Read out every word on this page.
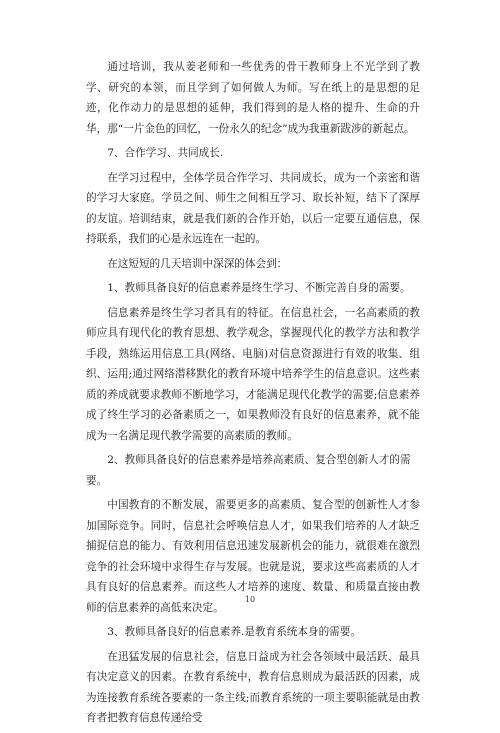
通过培训，我从姜老师和一些优秀的骨干教师身上不光学到了教学、研究的本领，而且学到了如何做人为师。写在纸上的是思想的足迹，化作动力的是思想的延伸，我们得到的是人格的提升、生命的升华，那“一片金色的回忆，一份永久的纪念”成为我重新跋涉的新起点。

7、合作学习、共同成长.

在学习过程中，全体学员合作学习、共同成长，成为一个亲密和谐的学习大家庭。学员之间、师生之间相互学习、取长补短，结下了深厚的友谊。培训结束，就是我们新的合作开始，以后一定要互通信息，保持联系，我们的心是永远连在一起的。

在这短短的几天培训中深深的体会到：

1、教师具备良好的信息素养是终生学习、不断完善自身的需要。

信息素养是终生学习者具有的特征。在信息社会，一名高素质的教师应具有现代化的教育思想、教学观念，掌握现代化的教学方法和教学手段，熟练运用信息工具(网络、电脑)对信息资源进行有效的收集、组织、运用;通过网络潜移默化的教育环境中培养学生的信息意识。这些素质的养成就要求教师不断地学习，才能满足现代化教学的需要;信息素养成了终生学习的必备素质之一，如果教师没有良好的信息素养，就不能成为一名满足现代教学需要的高素质的教师。

2、教师具备良好的信息素养是培养高素质、复合型创新人才的需要。

中国教育的不断发展，需要更多的高素质、复合型的创新性人才参加国际竞争。同时，信息社会呼唤信息人才，如果我们培养的人才缺乏捕捉信息的能力、有效利用信息迅速发展新机会的能力，就很难在激烈竞争的社会环境中求得生存与发展。也就是说，要求这些高素质的人才具有良好的信息素养。而这些人才培养的速度、数量、和质量直接由教师的信息素养的高低来决定。

3、教师具备良好的信息素养.是教育系统本身的需要。

在迅猛发展的信息社会，信息日益成为社会各领域中最活跃、最具有决定意义的因素。在教育系统中，教育信息则成为最活跃的因素，成为连接教育系统各要素的一条主线;而教育系统的一项主要职能就是由教育者把教育信息传递给受

10
